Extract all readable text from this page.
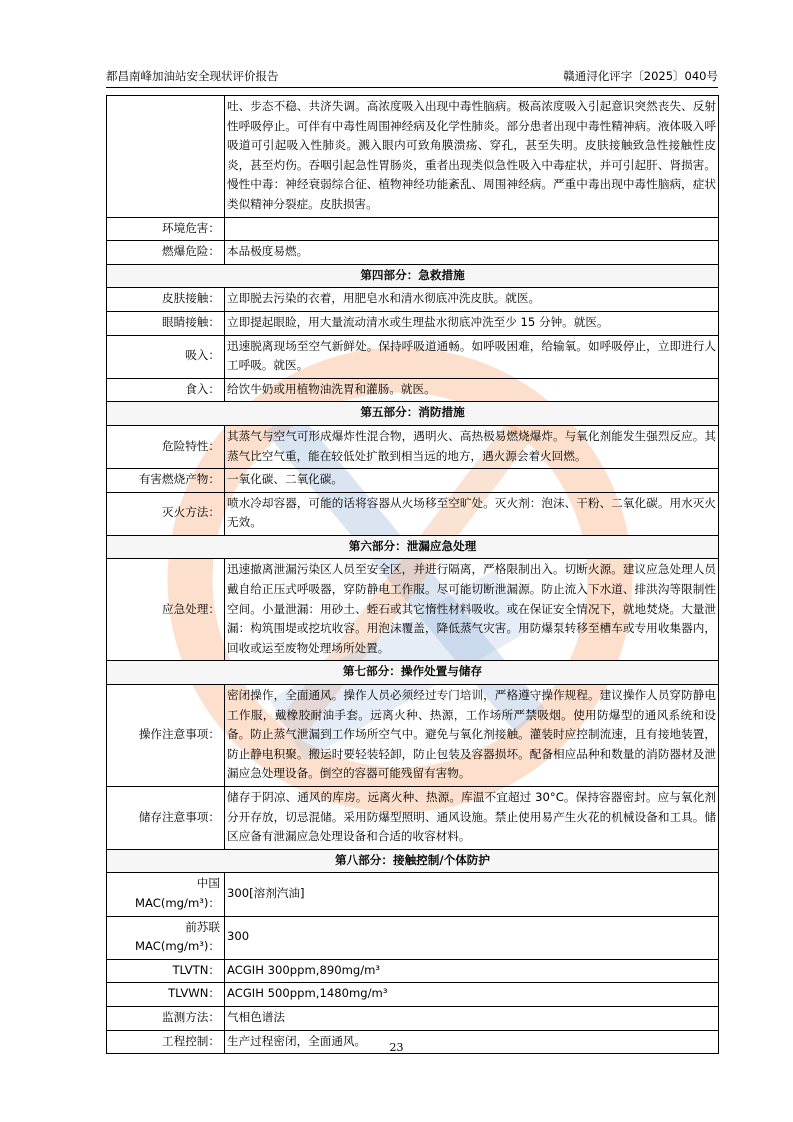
都昌南峰加油站安全现状评价报告	赣通浔化评字〔2025〕040号
	吐、步态不稳、共济失调。高浓度吸入出现中毒性脑病。极高浓度吸入引起意识突然丧失、反射性呼吸停止。可伴有中毒性周围神经病及化学性肺炎。部分患者出现中毒性精神病。液体吸入呼吸道可引起吸入性肺炎。溅入眼内可致角膜溃疡、穿孔，甚至失明。皮肤接触致急性接触性皮炎，甚至灼伤。吞咽引起急性胃肠炎，重者出现类似急性吸入中毒症状，并可引起肝、肾损害。慢性中毒：神经衰弱综合征、植物神经功能紊乱、周围神经病。严重中毒出现中毒性脑病，症状类似精神分裂症。皮肤损害。
环境危害：	
燃爆危险：	本品极度易燃。
第四部分：急救措施	
皮肤接触：	立即脱去污染的衣着，用肥皂水和清水彻底冲洗皮肤。就医。
眼睛接触：	立即提起眼睑，用大量流动清水或生理盐水彻底冲洗至少 15 分钟。就医。
吸入：	迅速脱离现场至空气新鲜处。保持呼吸道通畅。如呼吸困难，给输氧。如呼吸停止，立即进行人工呼吸。就医。
食入：	给饮牛奶或用植物油洗胃和灌肠。就医。
第五部分：消防措施	
危险特性：	其蒸气与空气可形成爆炸性混合物，遇明火、高热极易燃烧爆炸。与氧化剂能发生强烈反应。其蒸气比空气重，能在较低处扩散到相当远的地方，遇火源会着火回燃。
有害燃烧产物：	一氧化碳、二氧化碳。
灭火方法：	喷水冷却容器，可能的话将容器从火场移至空旷处。灭火剂：泡沫、干粉、二氧化碳。用水灭火无效。
第六部分：泄漏应急处理	
应急处理：	迅速撤离泄漏污染区人员至安全区，并进行隔离，严格限制出入。切断火源。建议应急处理人员戴自给正压式呼吸器，穿防静电工作服。尽可能切断泄漏源。防止流入下水道、排洪沟等限制性空间。小量泄漏：用砂土、蛭石或其它惰性材料吸收。或在保证安全情况下，就地焚烧。大量泄漏：构筑围堤或挖坑收容。用泡沫覆盖，降低蒸气灾害。用防爆泵转移至槽车或专用收集器内，回收或运至废物处理场所处置。
第七部分：操作处置与储存	
操作注意事项：	密闭操作，全面通风。操作人员必须经过专门培训，严格遵守操作规程。建议操作人员穿防静电工作服，戴橡胶耐油手套。远离火种、热源，工作场所严禁吸烟。使用防爆型的通风系统和设备。防止蒸气泄漏到工作场所空气中。避免与氧化剂接触。灌装时应控制流速，且有接地装置，防止静电积聚。搬运时要轻装轻卸，防止包装及容器损坏。配备相应品种和数量的消防器材及泄漏应急处理设备。倒空的容器可能残留有害物。
储存注意事项：	储存于阴凉、通风的库房。远离火种、热源。库温不宜超过 30°C。保持容器密封。应与氧化剂分开存放，切忌混储。采用防爆型照明、通风设施。禁止使用易产生火花的机械设备和工具。储区应备有泄漏应急处理设备和合适的收容材料。
第八部分：接触控制/个体防护	
中国 MAC(mg/m³)：	300[溶剂汽油]
前苏联MAC(mg/m³)：	300
TLVTN：	ACGIH 300ppm,890mg/m³
TLVWN：	ACGIH 500ppm,1480mg/m³
监测方法：	气相色谱法
工程控制：	生产过程密闭，全面通风。	23
